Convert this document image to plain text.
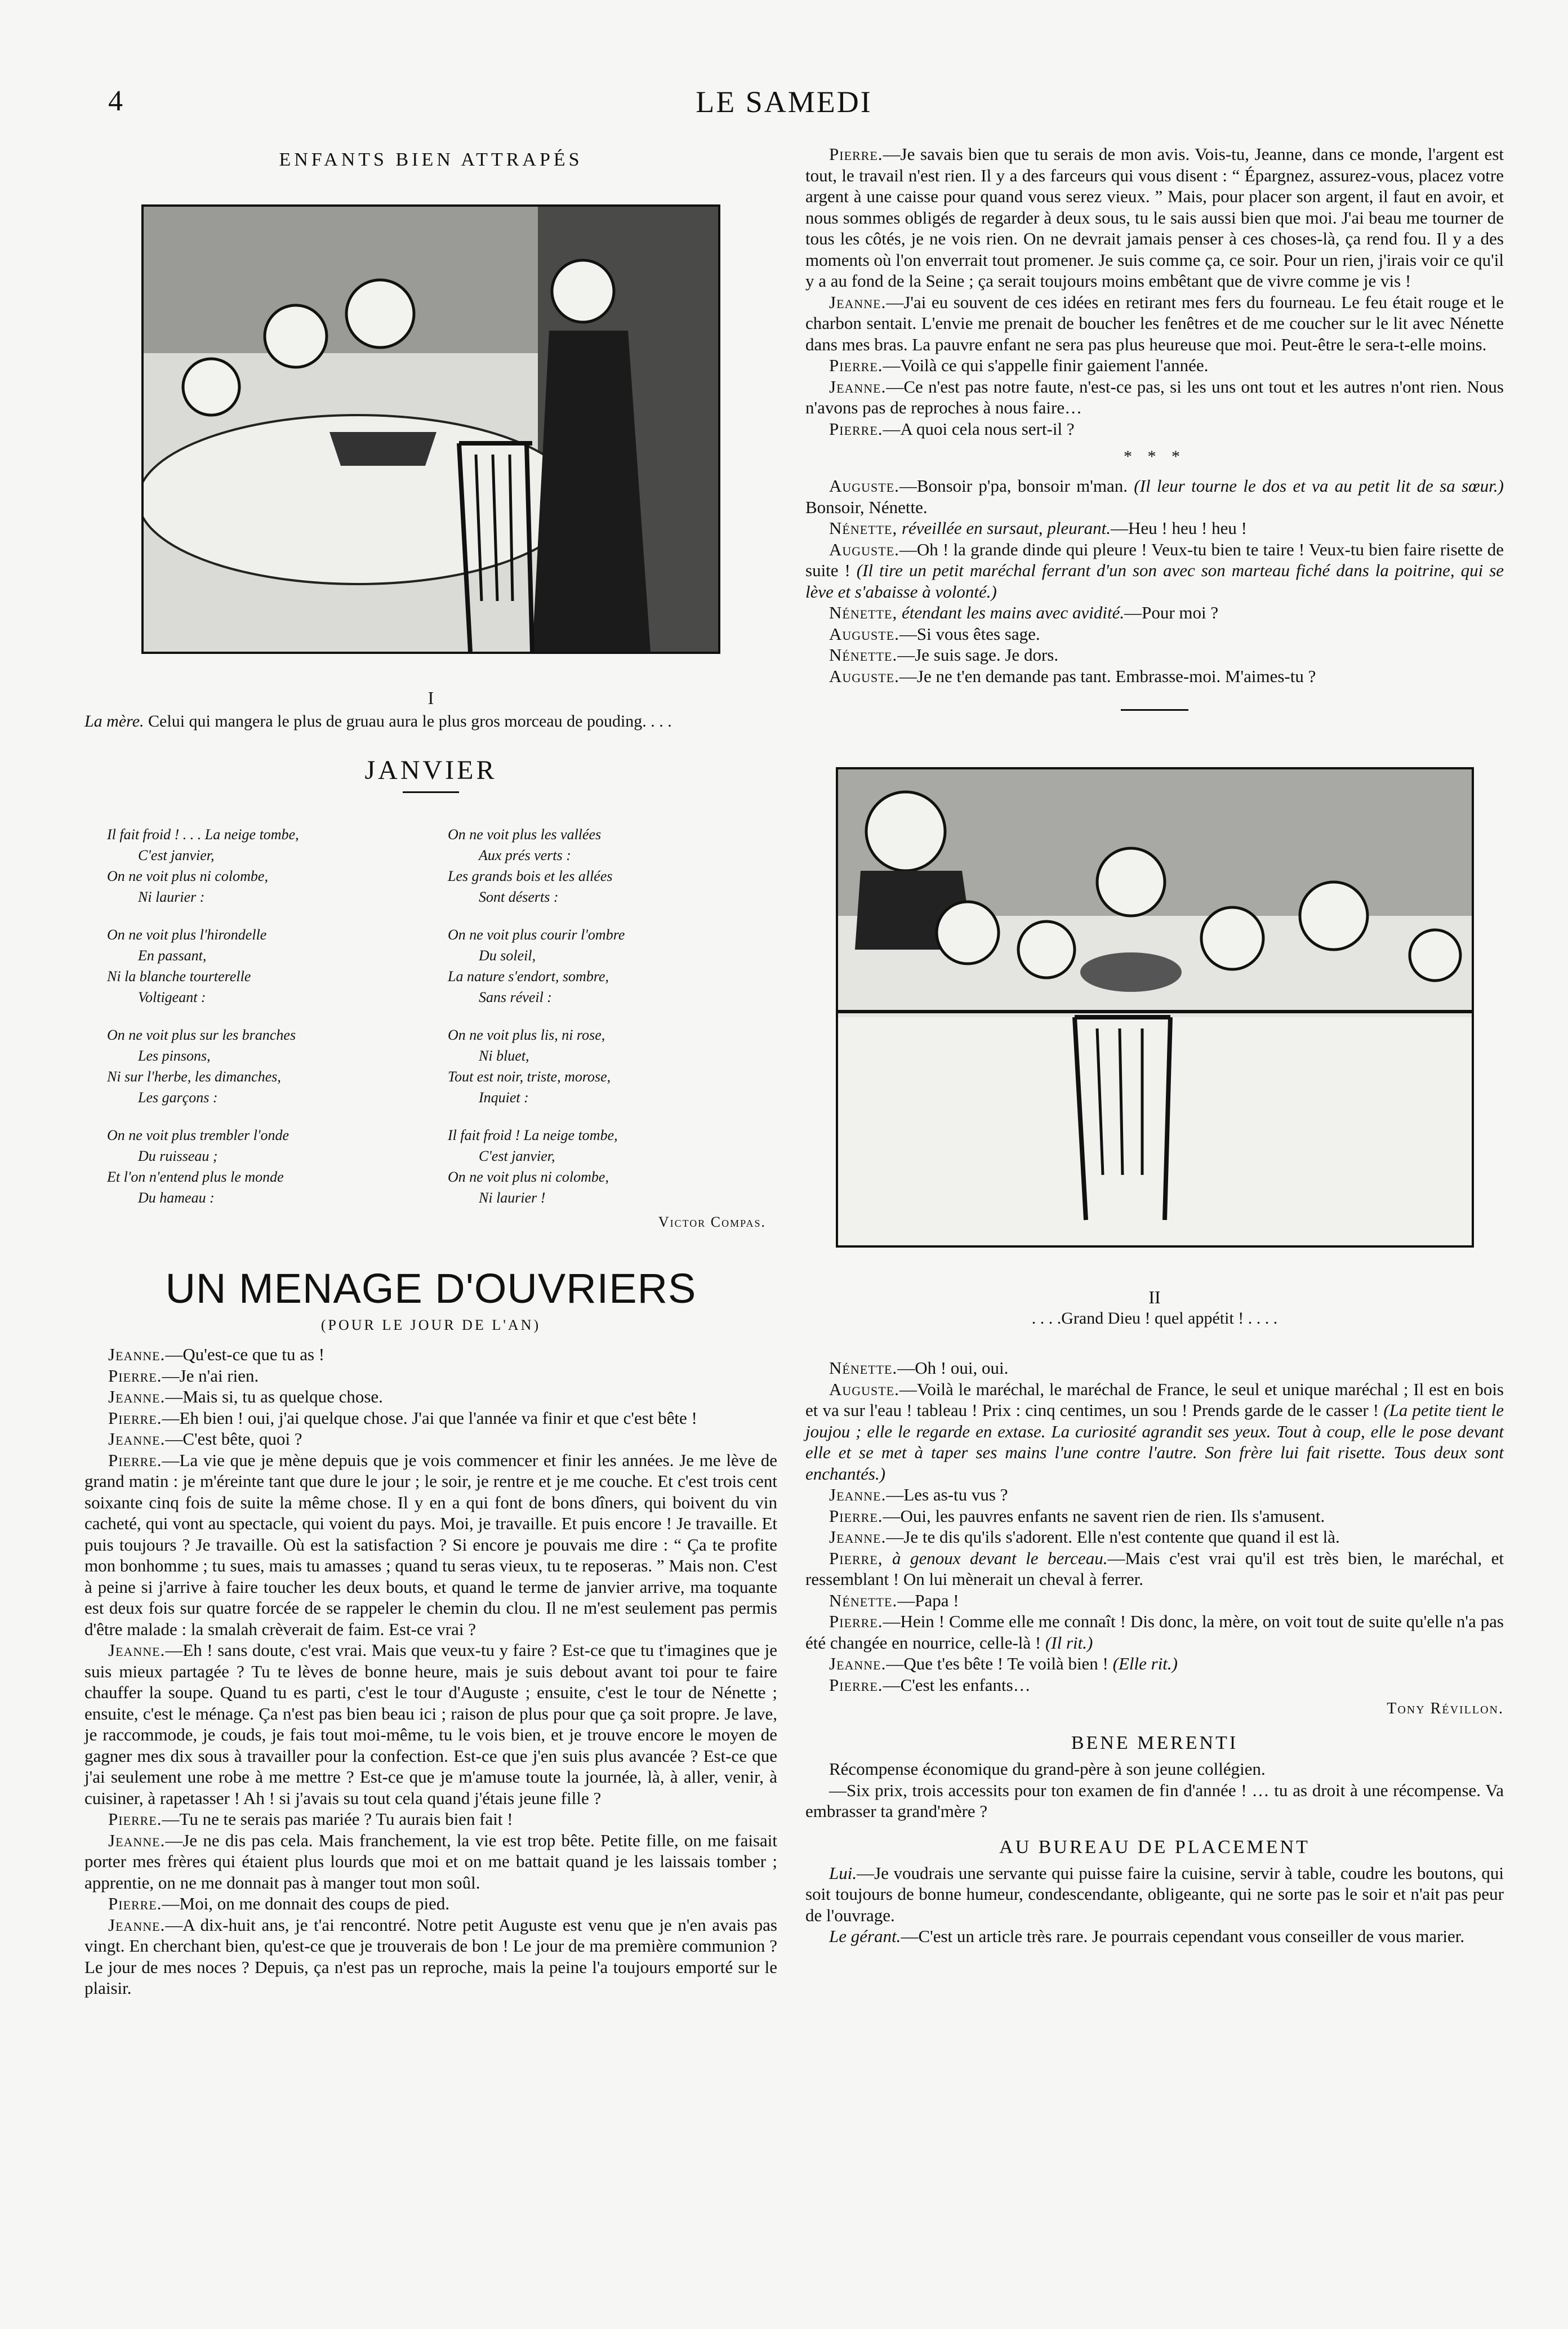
4	LE SAMEDI
ENFANTS BIEN ATTRAPÉS
I
La mère. Celui qui mangera le plus de gruau aura le plus gros morceau de pouding. . . .
JANVIER
Il fait froid ! . . . La neige tombe,
C'est janvier,
On ne voit plus ni colombe,
Ni laurier :
On ne voit plus l'hirondelle
En passant,
Ni la blanche tourterelle
Voltigeant :
On ne voit plus sur les branches
Les pinsons,
Ni sur l'herbe, les dimanches,
Les garçons :
On ne voit plus trembler l'onde
Du ruisseau ;
Et l'on n'entend plus le monde
Du hameau :
On ne voit plus les vallées
Aux prés verts :
Les grands bois et les allées
Sont déserts :
On ne voit plus courir l'ombre
Du soleil,
La nature s'endort, sombre,
Sans réveil :
On ne voit plus lis, ni rose,
Ni bluet,
Tout est noir, triste, morose,
Inquiet :
Il fait froid ! La neige tombe,
C'est janvier,
On ne voit plus ni colombe,
Ni laurier !
Victor Compas.
UN MENAGE D'OUVRIERS
(POUR LE JOUR DE L'AN)

Jeanne.—Qu'est-ce que tu as !

Pierre.—Je n'ai rien.

Jeanne.—Mais si, tu as quelque chose.

Pierre.—Eh bien ! oui, j'ai quelque chose. J'ai que l'année va finir et que c'est bête !

Jeanne.—C'est bête, quoi ?

Pierre.—La vie que je mène depuis que je vois commencer et finir les années. Je me lève de grand matin : je m'éreinte tant que dure le jour ; le soir, je rentre et je me couche. Et c'est trois cent soixante cinq fois de suite la même chose. Il y en a qui font de bons dîners, qui boivent du vin cacheté, qui vont au spectacle, qui voient du pays. Moi, je travaille. Et puis encore ! Je travaille. Et puis toujours ? Je travaille. Où est la satisfaction ? Si encore je pouvais me dire : “ Ça te profite mon bonhomme ; tu sues, mais tu amasses ; quand tu seras vieux, tu te reposeras. ” Mais non. C'est à peine si j'arrive à faire toucher les deux bouts, et quand le terme de janvier arrive, ma toquante est deux fois sur quatre forcée de se rappeler le chemin du clou. Il ne m'est seulement pas permis d'être malade : la smalah crèverait de faim. Est-ce vrai ?

Jeanne.—Eh ! sans doute, c'est vrai. Mais que veux-tu y faire ? Est-ce que tu t'imagines que je suis mieux partagée ? Tu te lèves de bonne heure, mais je suis debout avant toi pour te faire chauffer la soupe. Quand tu es parti, c'est le tour d'Auguste ; ensuite, c'est le tour de Nénette ; ensuite, c'est le ménage. Ça n'est pas bien beau ici ; raison de plus pour que ça soit propre. Je lave, je raccommode, je couds, je fais tout moi-même, tu le vois bien, et je trouve encore le moyen de gagner mes dix sous à travailler pour la confection. Est-ce que j'en suis plus avancée ? Est-ce que j'ai seulement une robe à me mettre ? Est-ce que je m'amuse toute la journée, là, à aller, venir, à cuisiner, à rapetasser ! Ah ! si j'avais su tout cela quand j'étais jeune fille ?

Pierre.—Tu ne te serais pas mariée ? Tu aurais bien fait !

Jeanne.—Je ne dis pas cela. Mais franchement, la vie est trop bête. Petite fille, on me faisait porter mes frères qui étaient plus lourds que moi et on me battait quand je les laissais tomber ; apprentie, on ne me donnait pas à manger tout mon soûl.

Pierre.—Moi, on me donnait des coups de pied.

Jeanne.—A dix-huit ans, je t'ai rencontré. Notre petit Auguste est venu que je n'en avais pas vingt. En cherchant bien, qu'est-ce que je trouverais de bon ! Le jour de ma première communion ? Le jour de mes noces ? Depuis, ça n'est pas un reproche, mais la peine l'a toujours emporté sur le plaisir.

Pierre.—Je savais bien que tu serais de mon avis. Vois-tu, Jeanne, dans ce monde, l'argent est tout, le travail n'est rien. Il y a des farceurs qui vous disent : “ Épargnez, assurez-vous, placez votre argent à une caisse pour quand vous serez vieux. ” Mais, pour placer son argent, il faut en avoir, et nous sommes obligés de regarder à deux sous, tu le sais aussi bien que moi. J'ai beau me tourner de tous les côtés, je ne vois rien. On ne devrait jamais penser à ces choses-là, ça rend fou. Il y a des moments où l'on enverrait tout promener. Je suis comme ça, ce soir. Pour un rien, j'irais voir ce qu'il y a au fond de la Seine ; ça serait toujours moins embêtant que de vivre comme je vis !

Jeanne.—J'ai eu souvent de ces idées en retirant mes fers du fourneau. Le feu était rouge et le charbon sentait. L'envie me prenait de boucher les fenêtres et de me coucher sur le lit avec Nénette dans mes bras. La pauvre enfant ne sera pas plus heureuse que moi. Peut-être le sera-t-elle moins.

Pierre.—Voilà ce qui s'appelle finir gaiement l'année.

Jeanne.—Ce n'est pas notre faute, n'est-ce pas, si les uns ont tout et les autres n'ont rien. Nous n'avons pas de reproches à nous faire…

Pierre.—A quoi cela nous sert-il ?

* * *

Auguste.—Bonsoir p'pa, bonsoir m'man. (Il leur tourne le dos et va au petit lit de sa sœur.) Bonsoir, Nénette.

Nénette, réveillée en sursaut, pleurant.—Heu ! heu ! heu !

Auguste.—Oh ! la grande dinde qui pleure ! Veux-tu bien te taire ! Veux-tu bien faire risette de suite ! (Il tire un petit maréchal ferrant d'un son avec son marteau fiché dans la poitrine, qui se lève et s'abaisse à volonté.)

Nénette, étendant les mains avec avidité.—Pour moi ?

Auguste.—Si vous êtes sage.

Nénette.—Je suis sage. Je dors.

Auguste.—Je ne t'en demande pas tant. Embrasse-moi. M'aimes-tu ?

II
. . . .Grand Dieu ! quel appétit ! . . . .

Nénette.—Oh ! oui, oui.

Auguste.—Voilà le maréchal, le maréchal de France, le seul et unique maréchal ; Il est en bois et va sur l'eau ! tableau ! Prix : cinq centimes, un sou ! Prends garde de le casser ! (La petite tient le joujou ; elle le regarde en extase. La curiosité agrandit ses yeux. Tout à coup, elle le pose devant elle et se met à taper ses mains l'une contre l'autre. Son frère lui fait risette. Tous deux sont enchantés.)

Jeanne.—Les as-tu vus ?

Pierre.—Oui, les pauvres enfants ne savent rien de rien. Ils s'amusent.

Jeanne.—Je te dis qu'ils s'adorent. Elle n'est contente que quand il est là.

Pierre, à genoux devant le berceau.—Mais c'est vrai qu'il est très bien, le maréchal, et ressemblant ! On lui mènerait un cheval à ferrer.

Nénette.—Papa !

Pierre.—Hein ! Comme elle me connaît ! Dis donc, la mère, on voit tout de suite qu'elle n'a pas été changée en nourrice, celle-là ! (Il rit.)

Jeanne.—Que t'es bête ! Te voilà bien ! (Elle rit.)

Pierre.—C'est les enfants…

Tony Révillon.
BENE MERENTI

Récompense économique du grand-père à son jeune collégien.

—Six prix, trois accessits pour ton examen de fin d'année ! … tu as droit à une récompense. Va embrasser ta grand'mère ?

AU BUREAU DE PLACEMENT

Lui.—Je voudrais une servante qui puisse faire la cuisine, servir à table, coudre les boutons, qui soit toujours de bonne humeur, condescendante, obligeante, qui ne sorte pas le soir et n'ait pas peur de l'ouvrage.

Le gérant.—C'est un article très rare. Je pourrais cependant vous conseiller de vous marier.
